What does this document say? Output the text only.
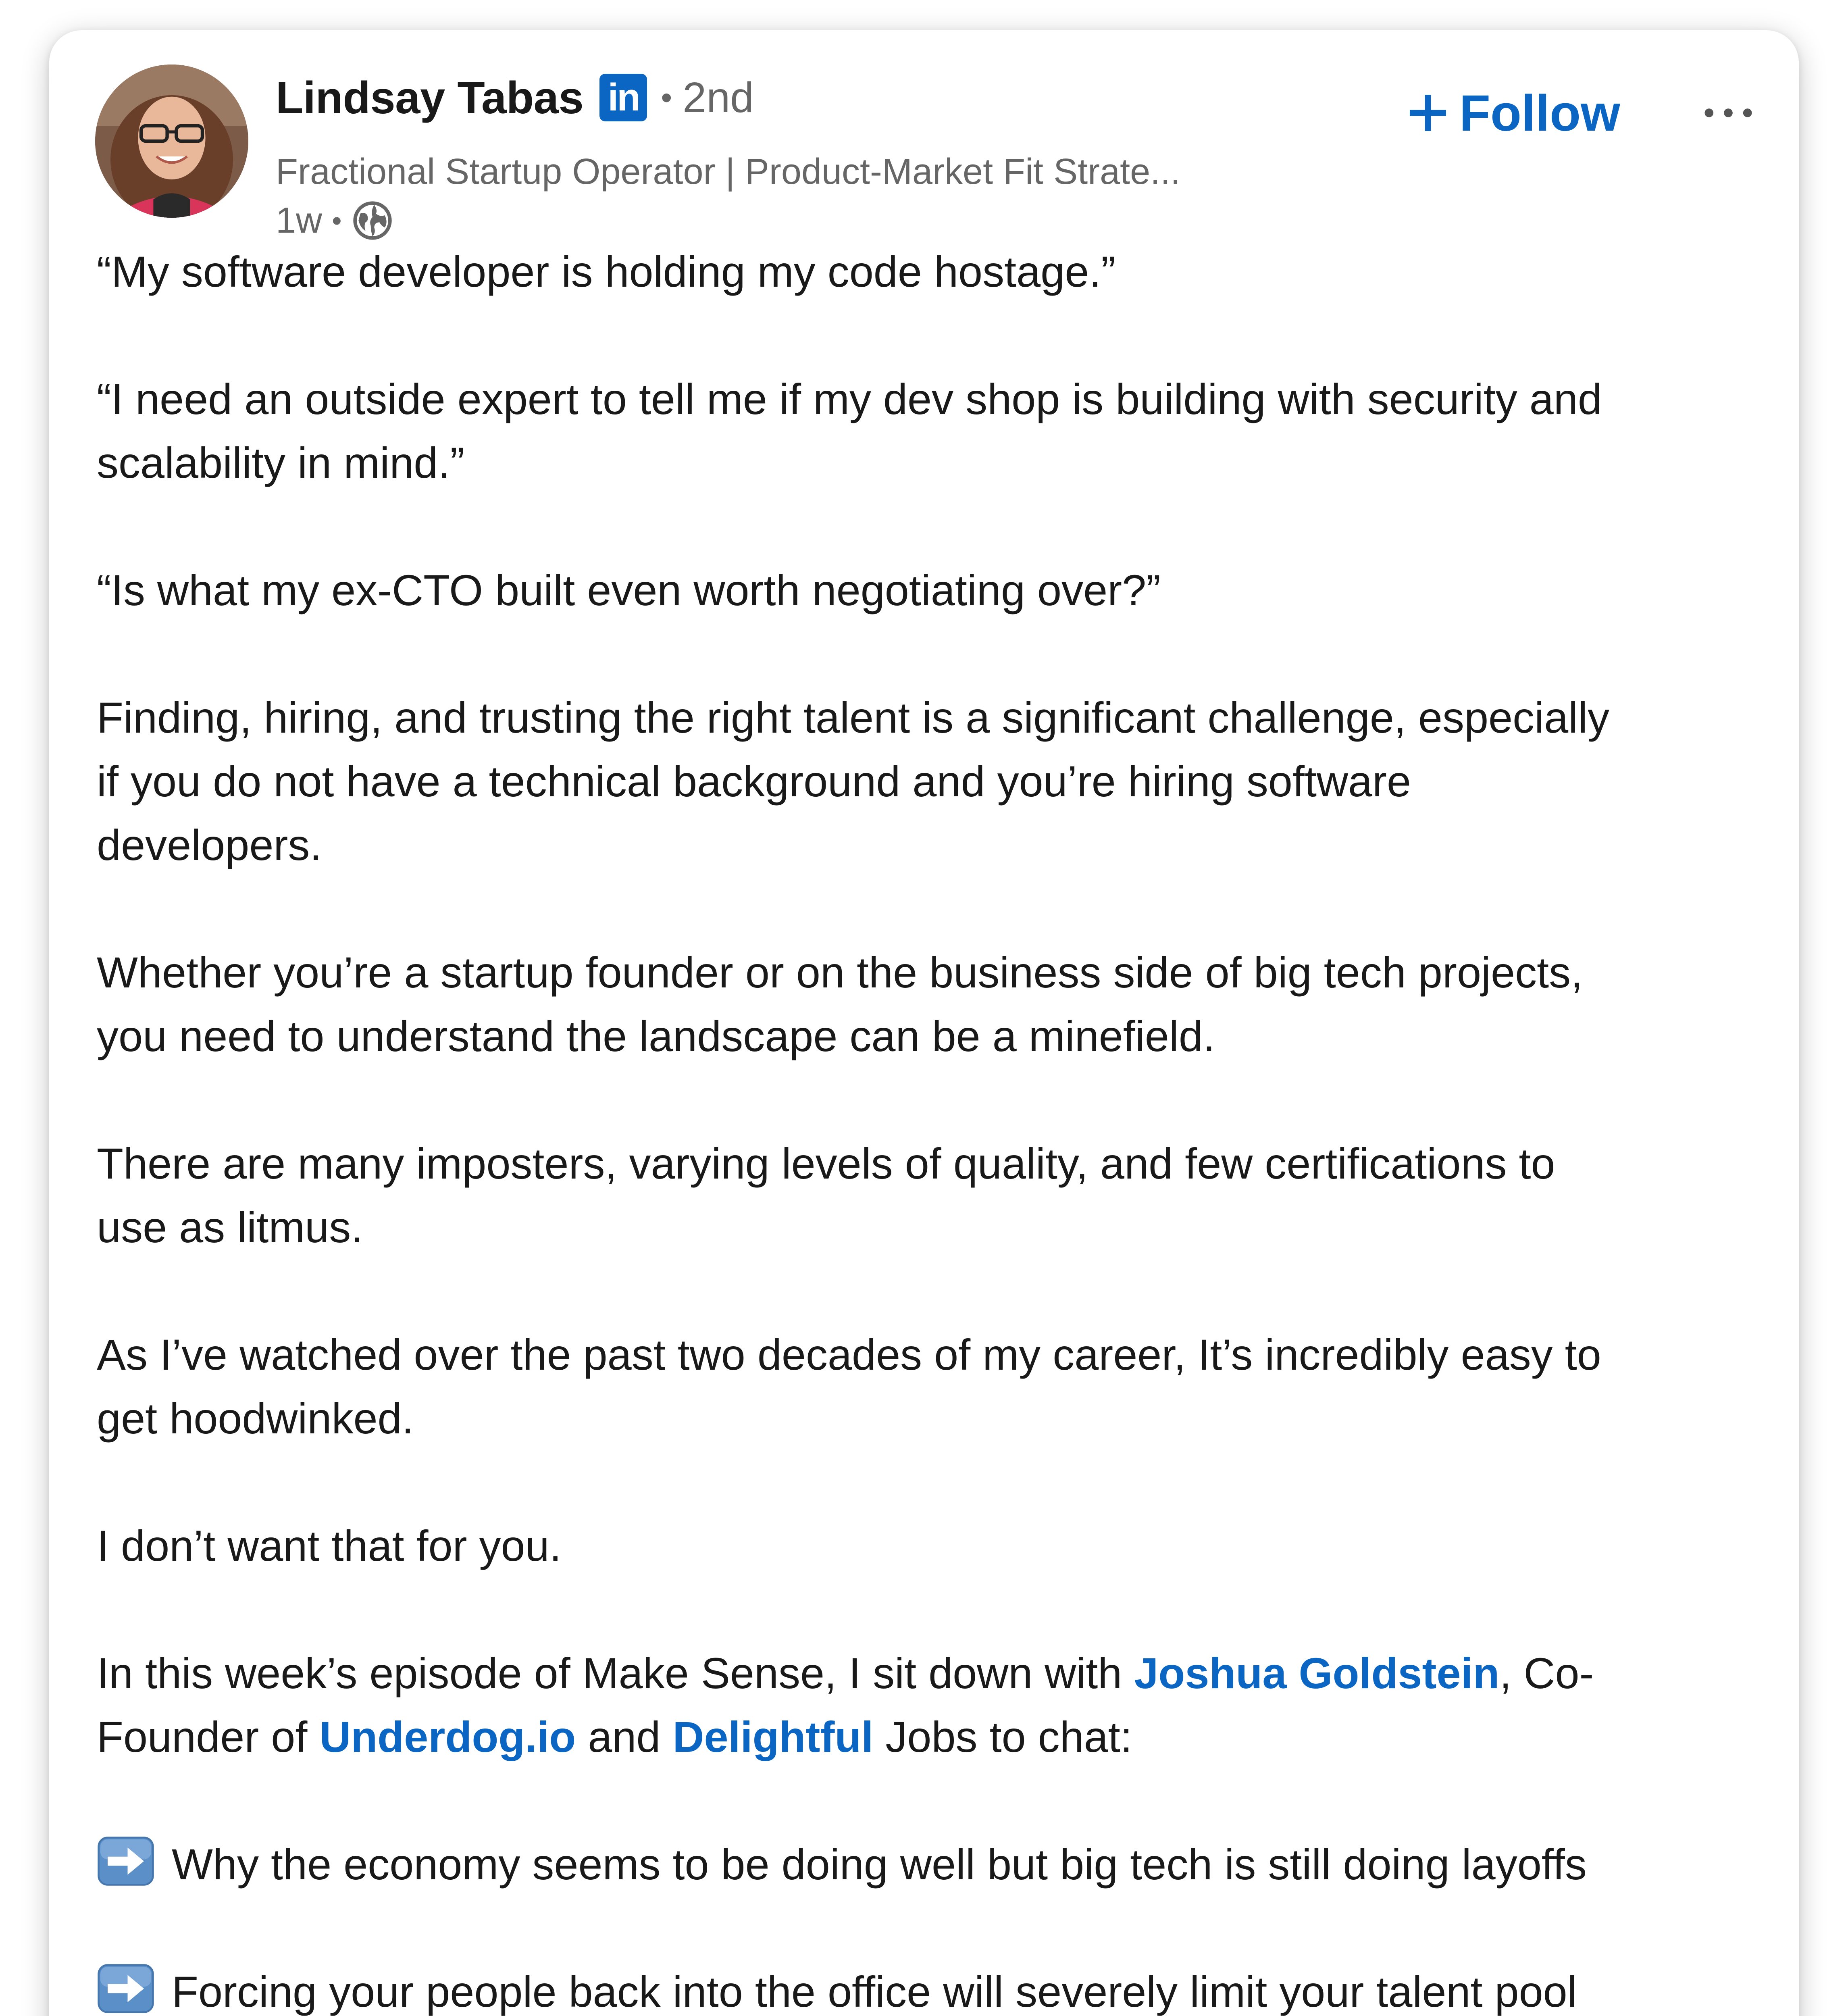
Lindsay Tabas in • 2nd
Fractional Startup Operator | Product-Market Fit Strate...
1w •
Follow

“My software developer is holding my code hostage.”

“I need an outside expert to tell me if my dev shop is building with security and
scalability in mind.”

“Is what my ex-CTO built even worth negotiating over?”

Finding, hiring, and trusting the right talent is a significant challenge, especially
if you do not have a technical background and you’re hiring software
developers.

Whether you’re a startup founder or on the business side of big tech projects,
you need to understand the landscape can be a minefield.

There are many imposters, varying levels of quality, and few certifications to
use as litmus.

As I’ve watched over the past two decades of my career, It’s incredibly easy to
get hoodwinked.

I don’t want that for you.

In this week’s episode of Make Sense, I sit down with Joshua Goldstein, Co-
Founder of Underdog.io and Delightful Jobs to chat:

Why the economy seems to be doing well but big tech is still doing layoffs

Forcing your people back into the office will severely limit your talent pool
